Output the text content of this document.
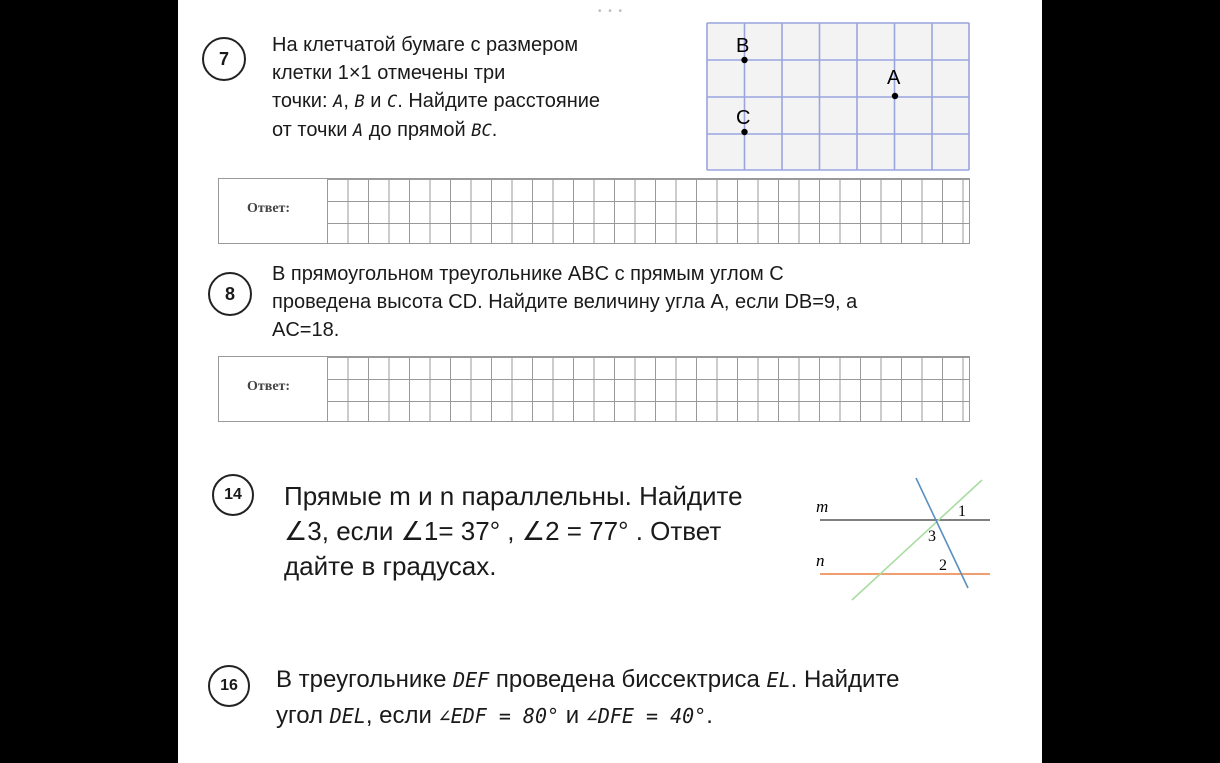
• • •
7
На клетчатой бумаге с размером
клетки 1×1 отмечены три
точки: A, B и C. Найдите расстояние
от точки A до прямой BC.
B
A
C
Ответ:
8
В прямоугольном треугольнике ABC с прямым углом C
проведена высота CD. Найдите величину угла A, если DB=9, а
AC=18.
Ответ:
14	Прямые m и n параллельны. Найдите
∠3, если ∠1= 37° , ∠2 = 77° . Ответ
дайте в градусах.
m
n
1
3
2
16	В треугольнике DEF проведена биссектриса EL. Найдите
угол DEL, если ∠EDF = 80° и ∠DFE = 40°.
